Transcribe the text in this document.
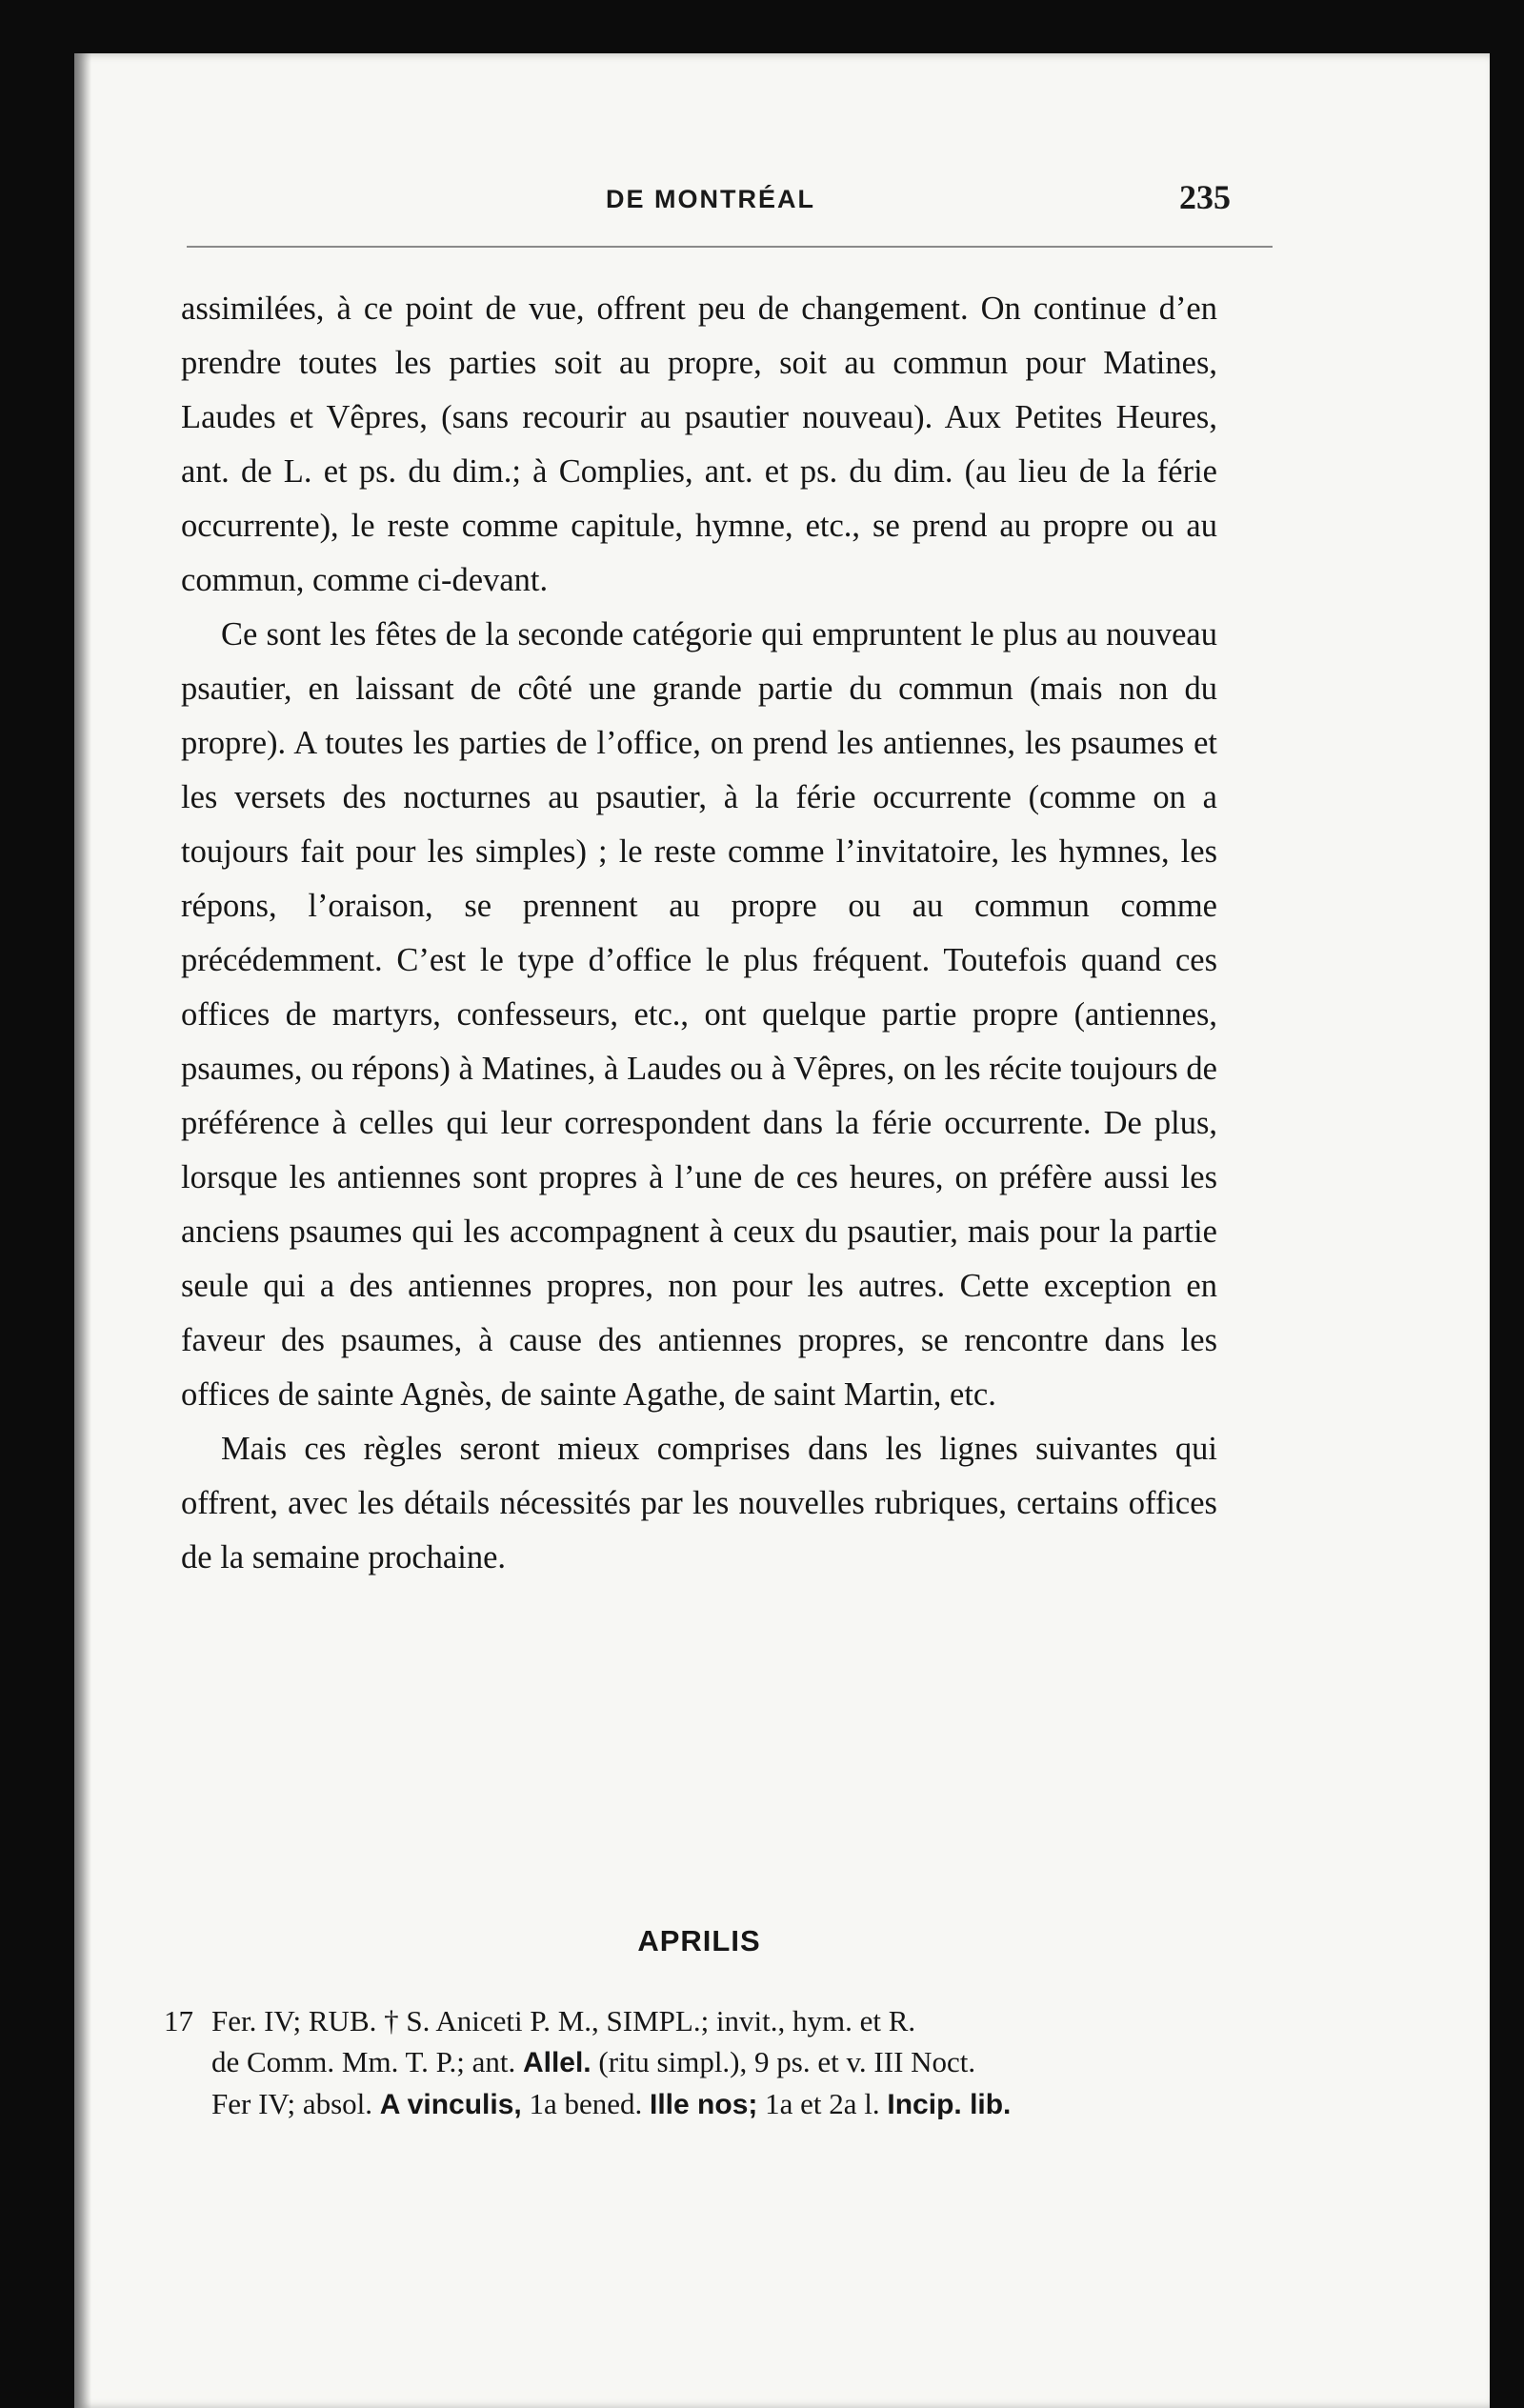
DE MONTRÉAL	235

assimilées, à ce point de vue, offrent peu de changement. On continue d’en prendre toutes les parties soit au propre, soit au commun pour Matines, Laudes et Vêpres, (sans recourir au psautier nouveau). Aux Petites Heures, ant. de L. et ps. du dim.; à Complies, ant. et ps. du dim. (au lieu de la férie occurrente), le reste comme capitule, hymne, etc., se prend au propre ou au commun, comme ci-devant.

Ce sont les fêtes de la seconde catégorie qui empruntent le plus au nouveau psautier, en laissant de côté une grande partie du commun (mais non du propre). A toutes les parties de l’office, on prend les antiennes, les psaumes et les versets des nocturnes au psautier, à la férie occurrente (comme on a toujours fait pour les simples) ; le reste comme l’invitatoire, les hymnes, les répons, l’oraison, se prennent au propre ou au commun comme précédemment. C’est le type d’office le plus fréquent. Toutefois quand ces offices de martyrs, confesseurs, etc., ont quelque partie propre (antiennes, psaumes, ou répons) à Matines, à Laudes ou à Vêpres, on les récite toujours de préférence à celles qui leur correspondent dans la férie occurrente. De plus, lorsque les antiennes sont propres à l’une de ces heures, on préfère aussi les anciens psaumes qui les accompagnent à ceux du psautier, mais pour la partie seule qui a des antiennes propres, non pour les autres. Cette exception en faveur des psaumes, à cause des antiennes propres, se rencontre dans les offices de sainte Agnès, de sainte Agathe, de saint Martin, etc.

Mais ces règles seront mieux comprises dans les lignes suivantes qui offrent, avec les détails nécessités par les nouvelles rubriques, certains offices de la semaine prochaine.

APRILIS
17 Fer. IV; RUB. † S. Aniceti P. M., SIMPL.; invit., hym. et R.
de Comm. Mm. T. P.; ant. Allel. (ritu simpl.), 9 ps. et v. III Noct.
Fer IV; absol. A vinculis, 1a bened. Ille nos; 1a et 2a l. Incip. lib.
